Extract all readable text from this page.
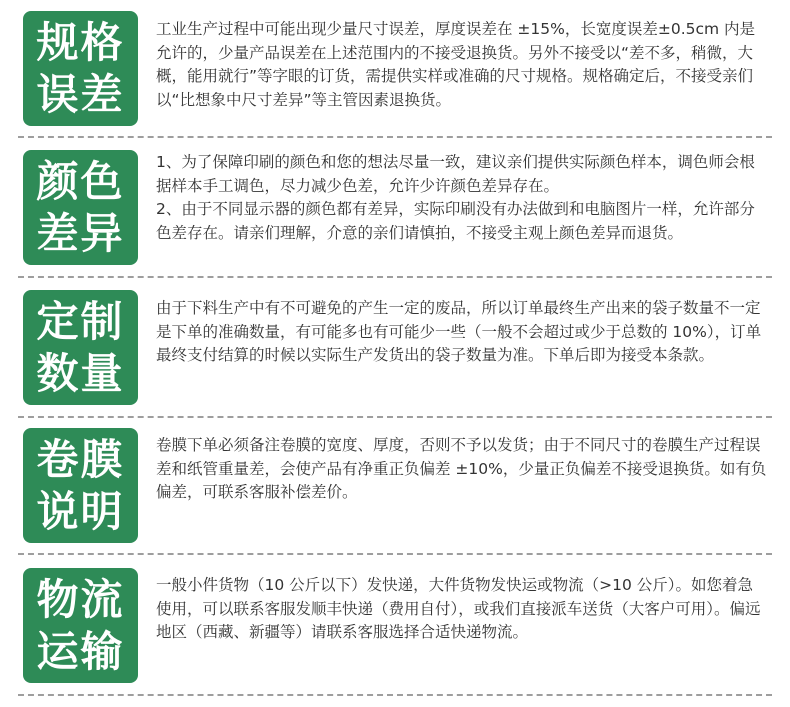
规格
误差

工业生产过程中可能出现少量尺寸误差，厚度误差在 ±15%，长宽度误差±0.5cm 内是允许的，少量产品误差在上述范围内的不接受退换货。另外不接受以“差不多，稍微，大概，能用就行”等字眼的订货，需提供实样或准确的尺寸规格。规格确定后，不接受亲们以“比想象中尺寸差异”等主管因素退换货。

颜色
差异

1、为了保障印刷的颜色和您的想法尽量一致，建议亲们提供实际颜色样本，调色师会根据样本手工调色，尽力减少色差，允许少许颜色差异存在。

2、由于不同显示器的颜色都有差异，实际印刷没有办法做到和电脑图片一样，允许部分色差存在。请亲们理解，介意的亲们请慎拍，不接受主观上颜色差异而退货。

定制
数量

由于下料生产中有不可避免的产生一定的废品，所以订单最终生产出来的袋子数量不一定是下单的准确数量，有可能多也有可能少一些（一般不会超过或少于总数的 10%），订单最终支付结算的时候以实际生产发货出的袋子数量为准。下单后即为接受本条款。

卷膜
说明

卷膜下单必须备注卷膜的宽度、厚度，否则不予以发货；由于不同尺寸的卷膜生产过程误差和纸管重量差，会使产品有净重正负偏差 ±10%，少量正负偏差不接受退换货。如有负偏差，可联系客服补偿差价。

物流
运输

一般小件货物（10 公斤以下）发快递，大件货物发快运或物流（>10 公斤）。如您着急使用，可以联系客服发顺丰快递（费用自付），或我们直接派车送货（大客户可用）。偏远地区（西藏、新疆等）请联系客服选择合适快递物流。
